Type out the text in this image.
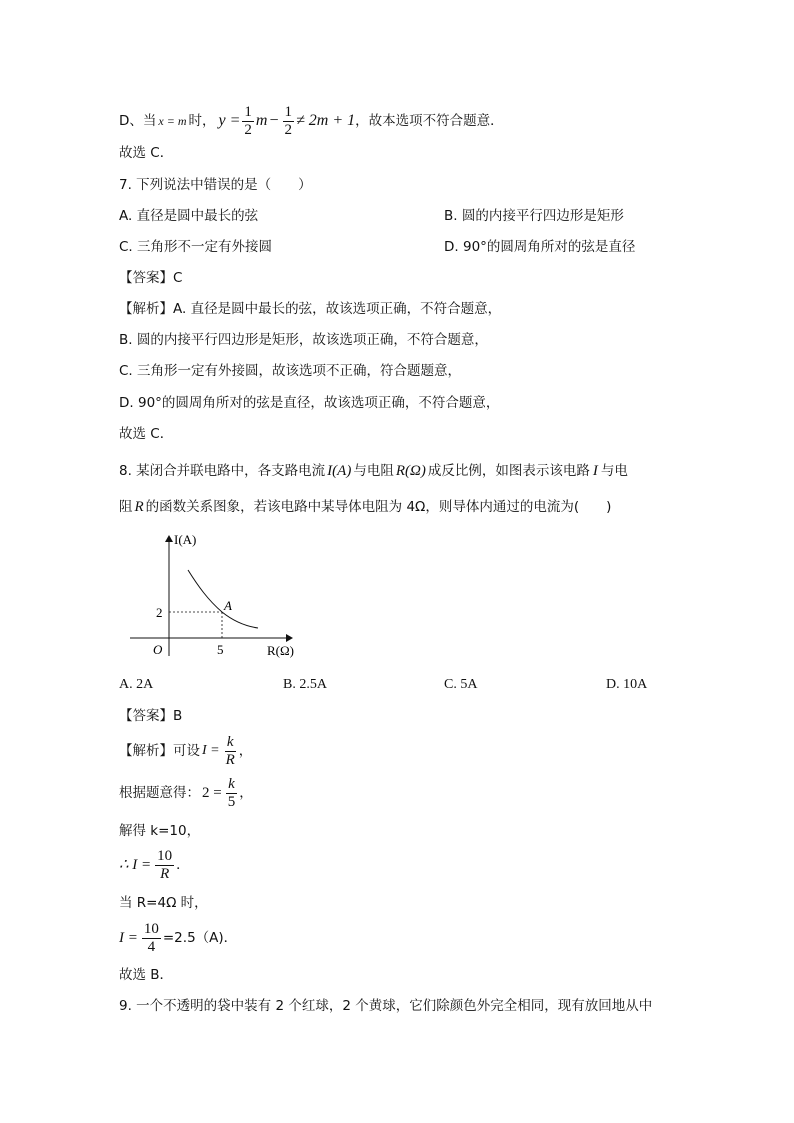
D、当 x = m 时， $y = \frac{1}{2}$ $m - \frac{1}{2} \ne 2m + 1$ ，故本选项不符合题意．
故选 C．
7. 下列说法中错误的是（　　）
A. 直径是圆中最长的弦	B. 圆的内接平行四边形是矩形
C. 三角形不一定有外接圆	D. 90°的圆周角所对的弦是直径
【答案】C
【解析】A. 直径是圆中最长的弦，故该选项正确，不符合题意，
B. 圆的内接平行四边形是矩形，故该选项正确，不符合题意，
C. 三角形一定有外接圆，故该选项不正确，符合题题意，
D. 90°的圆周角所对的弦是直径，故该选项正确，不符合题意，
故选 C．
8. 某闭合并联电路中，各支路电流 I(A) 与电阻 R(Ω) 成反比例，如图表示该电路 I 与电
阻 R 的函数关系图象，若该电路中某导体电阻为 4Ω，则导体内通过的电流为(　　)
I(A)
R(Ω)
O	5
2	A
A. 2A	B. 2.5A	C. 5A	D. 10A
【答案】B
【解析】可设 $I = \frac{k}{R}$ ，
根据题意得： $2 = \frac{k}{5}$ ，
解得 k=10，
∴ $I = \frac{10}{R}$ ．
当 R=4Ω 时，
$I = \frac{10}{4} =2.5(A)$．
故选 B．
9. 一个不透明的袋中装有 2 个红球，2 个黄球，它们除颜色外完全相同，现有放回地从中
